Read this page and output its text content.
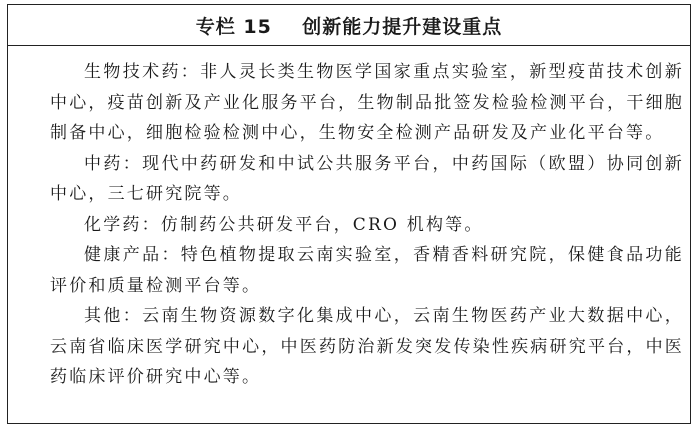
专栏 15    创新能力提升建设重点

生物技术药：非人灵长类生物医学国家重点实验室，新型疫苗技术创新中心，疫苗创新及产业化服务平台，生物制品批签发检验检测平台，干细胞制备中心，细胞检验检测中心，生物安全检测产品研发及产业化平台等。

中药：现代中药研发和中试公共服务平台，中药国际（欧盟）协同创新中心，三七研究院等。

化学药：仿制药公共研发平台，CRO 机构等。

健康产品：特色植物提取云南实验室，香精香料研究院，保健食品功能评价和质量检测平台等。

其他：云南生物资源数字化集成中心，云南生物医药产业大数据中心，云南省临床医学研究中心，中医药防治新发突发传染性疾病研究平台，中医药临床评价研究中心等。
